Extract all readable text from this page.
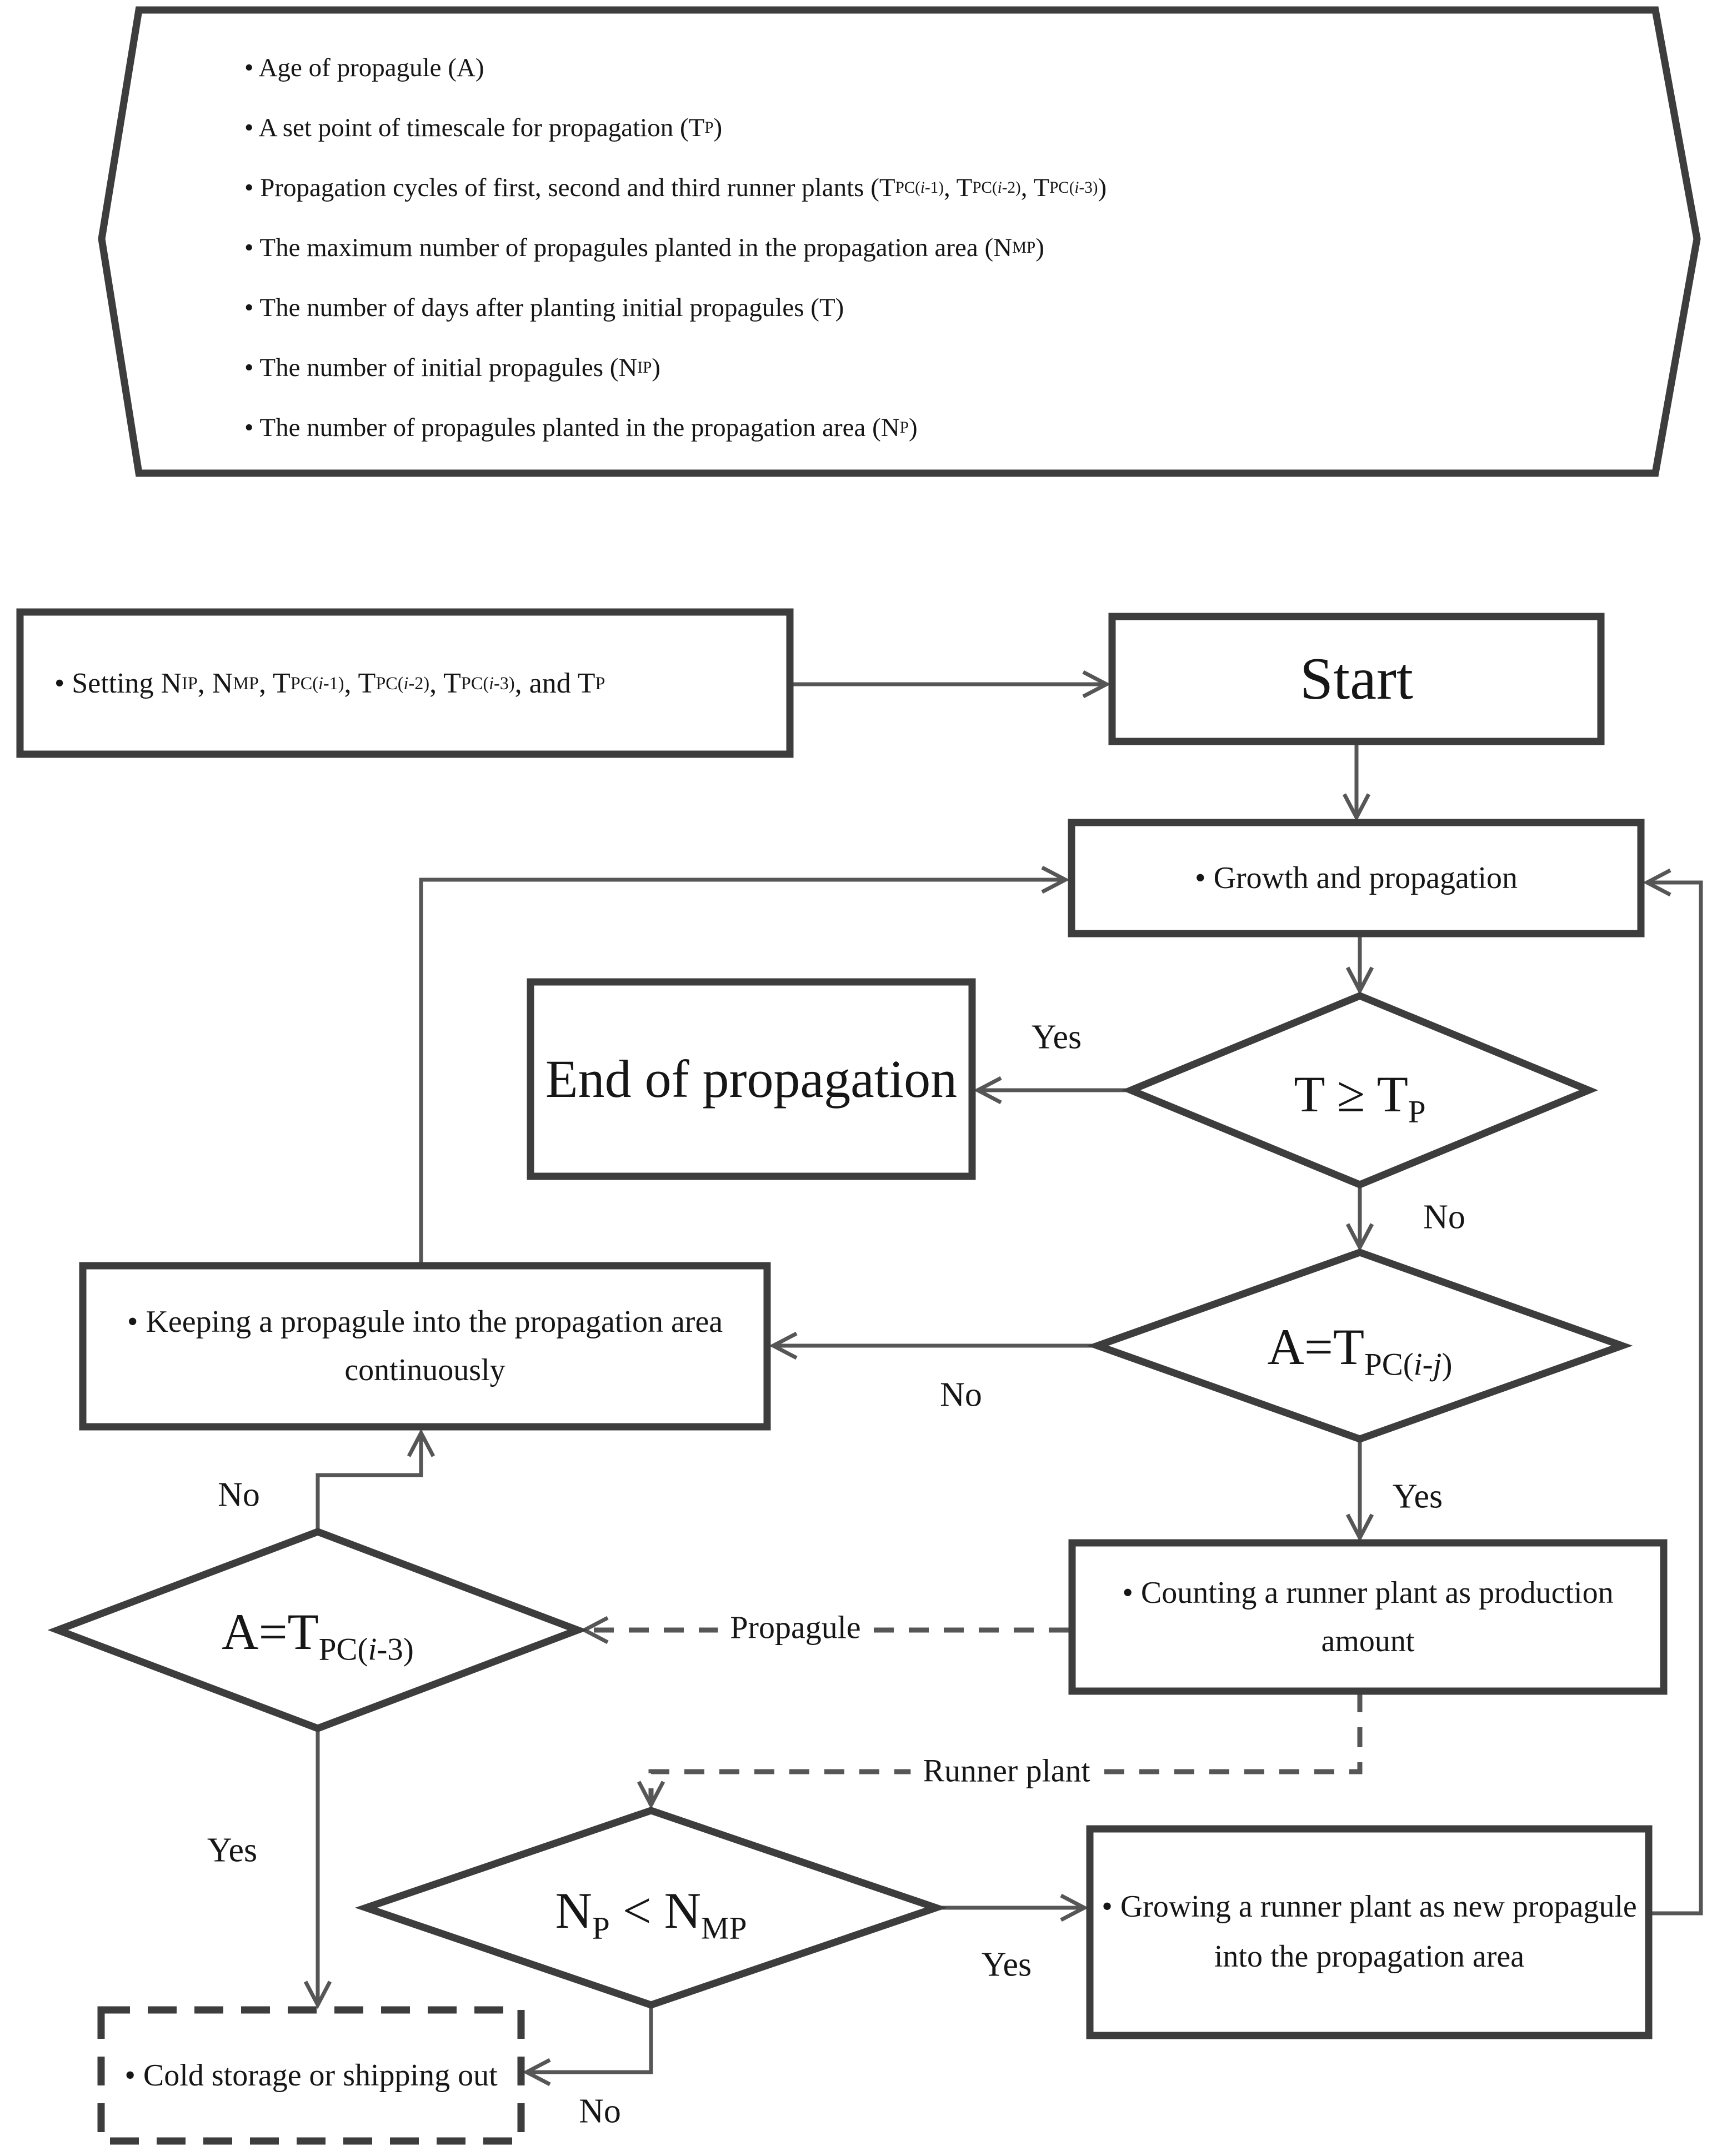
• Age of propagule (A)
• A set point of timescale for propagation (T P )
• Propagation cycles of first, second and third runner plants (T PC(i-1) , T PC(i-2) , T PC(i-3) )
• The maximum number of propagules planted in the propagation area (N MP )
• The number of days after planting initial propagules (T)
• The number of initial propagules (N IP )
• The number of propagules planted in the propagation area (N P )
• Setting N IP , N MP , T PC(i-1) , T PC(i-2) , T PC(i-3) , and T P	Start
• Growth and propagation
End of propagation
• Keeping a propagule into the propagation area continuously
• Counting a runner plant as production amount
• Growing a runner plant as new propagule into the propagation area
• Cold storage or shipping out
$T \ge T_P$
$A=T_{PC(i-j)}$
$A=T_{PC(i-3)}$
$N_P < N_{MP}$
Yes
No
No
Yes
No
Yes
Propagule
Runner plant
Yes
No
